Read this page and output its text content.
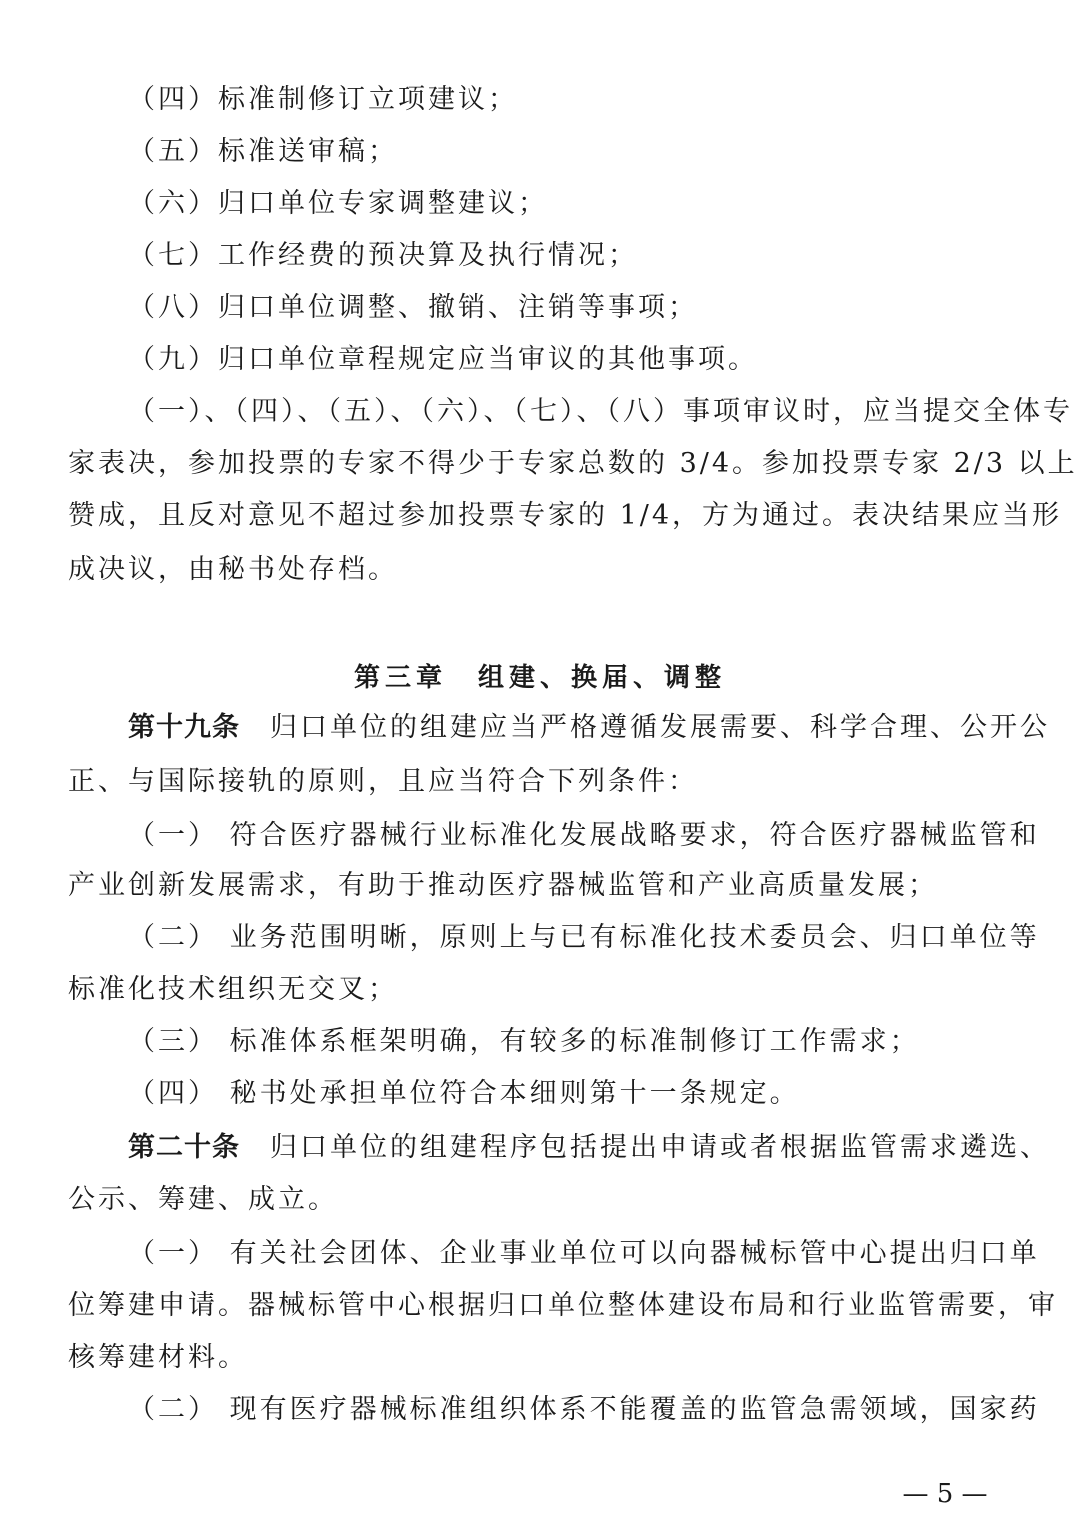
（四）标准制修订立项建议；
（五）标准送审稿；
（六）归口单位专家调整建议；
（七）工作经费的预决算及执行情况；
（八）归口单位调整、撤销、注销等事项；
（九）归口单位章程规定应当审议的其他事项。
（一）、（四）、（五）、（六）、（七）、（八）事项审议时，应当提交全体专
家表决，参加投票的专家不得少于专家总数的 3/4。参加投票专家 2/3 以上
赞成，且反对意见不超过参加投票专家的 1/4，方为通过。表决结果应当形
成决议，由秘书处存档。
第三章　组建、换届、调整
第十九条 归口单位的组建应当严格遵循发展需要、科学合理、公开公
正、与国际接轨的原则，且应当符合下列条件：
（一） 符合医疗器械行业标准化发展战略要求，符合医疗器械监管和
产业创新发展需求，有助于推动医疗器械监管和产业高质量发展；
（二） 业务范围明晰，原则上与已有标准化技术委员会、归口单位等
标准化技术组织无交叉；
（三） 标准体系框架明确，有较多的标准制修订工作需求；
（四） 秘书处承担单位符合本细则第十一条规定。
第二十条 归口单位的组建程序包括提出申请或者根据监管需求遴选、
公示、筹建、成立。
（一） 有关社会团体、企业事业单位可以向器械标管中心提出归口单
位筹建申请。器械标管中心根据归口单位整体建设布局和行业监管需要，审
核筹建材料。
（二） 现有医疗器械标准组织体系不能覆盖的监管急需领域，国家药
— 5 —
